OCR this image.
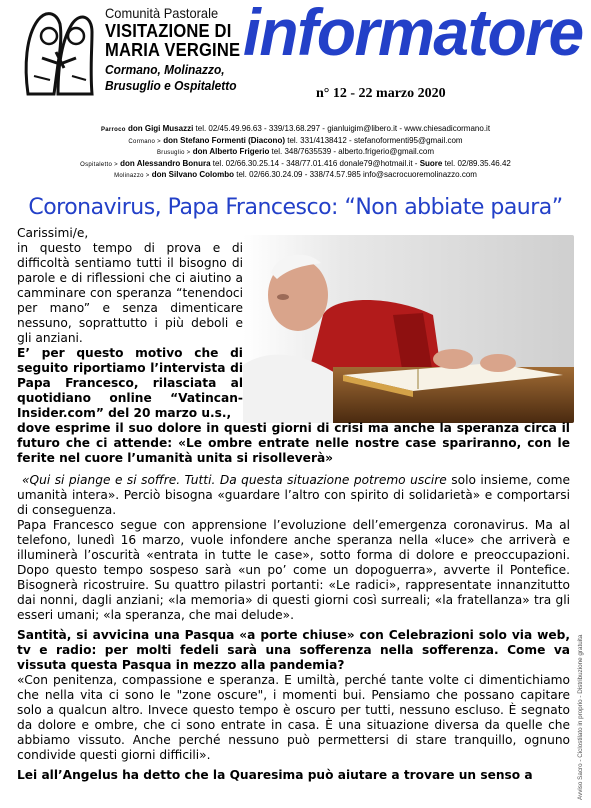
Comunità Pastorale
VISITAZIONE DI
MARIA VERGINE
Cormano, Molinazzo,
Brusuglio e Ospitaletto
informatore
n° 12 - 22 marzo 2020
Parroco don Gigi Musazzi tel. 02/45.49.96.63 - 339/13.68.297 - gianluigim@libero.it - www.chiesadicormano.it
Cormano > don Stefano Formenti (Diacono) tel. 331/4138412 - stefanoformenti95@gmail.com
Brusuglio > don Alberto Frigerio tel. 348/7635539 - alberto.frigerio@gmail.com
Ospitaletto > don Alessandro Bonura tel. 02/66.30.25.14 - 348/77.01.416 donale79@hotmail.it - Suore tel. 02/89.35.46.42
Molinazzo > don Silvano Colombo tel. 02/66.30.24.09 - 338/74.57.985 info@sacrocuoremolinazzo.com
Coronavirus, Papa Francesco: “Non abbiate paura”

Carissimi/e,

in questo tempo di prova e di difficoltà sentiamo tutti il bisogno di parole e di riflessioni che ci aiutino a camminare con speranza “tenendoci per mano” e senza dimenticare nessuno, soprattutto i più deboli e gli anziani.

E’ per questo motivo che di seguito riportiamo l’intervista di Papa Francesco, rilasciata al quotidiano online “Vatincan-Insider.com” del 20 marzo u.s.,

dove esprime il suo dolore in questi giorni di crisi ma anche la speranza circa il futuro che ci attende: «Le ombre entrate nelle nostre case spariranno, con le ferite nel cuore l’umanità unita si risolleverà»

«Qui si piange e si soffre. Tutti. Da questa situazione potremo uscire solo insieme, come umanità intera». Perciò bisogna «guardare l’altro con spirito di solidarietà» e comportarsi di conseguenza.

Papa Francesco segue con apprensione l’evoluzione dell’emergenza coronavirus. Ma al telefono, lunedì 16 marzo, vuole infondere anche speranza nella «luce» che arriverà e illuminerà l’oscurità «entrata in tutte le case», sotto forma di dolore e preoccupazioni. Dopo questo tempo sospeso sarà «un po’ come un dopoguerra», avverte il Pontefice. Bisognerà ricostruire. Su quattro pilastri portanti: «Le radici», rappresentate innanzitutto dai nonni, dagli anziani; «la memoria» di questi giorni così surreali; «la fratellanza» tra gli esseri umani; «la speranza, che mai delude».

Santità, si avvicina una Pasqua «a porte chiuse» con Celebrazioni solo via web, tv e radio: per molti fedeli sarà una sofferenza nella sofferenza. Come va vissuta questa Pasqua in mezzo alla pandemia?

«Con penitenza, compassione e speranza. E umiltà, perché tante volte ci dimentichiamo che nella vita ci sono le "zone oscure", i momenti bui. Pensiamo che possano capitare solo a qualcun altro. Invece questo tempo è oscuro per tutti, nessuno escluso. È segnato da dolore e ombre, che ci sono entrate in casa. È una situazione diversa da quelle che abbiamo vissuto. Anche perché nessuno può permettersi di stare tranquillo, ognuno condivide questi giorni difficili».

Lei all’Angelus ha detto che la Quaresima può aiutare a trovare un senso a	Avviso Sacro - Ciclostilato in proprio - Distribuzione gratuita
